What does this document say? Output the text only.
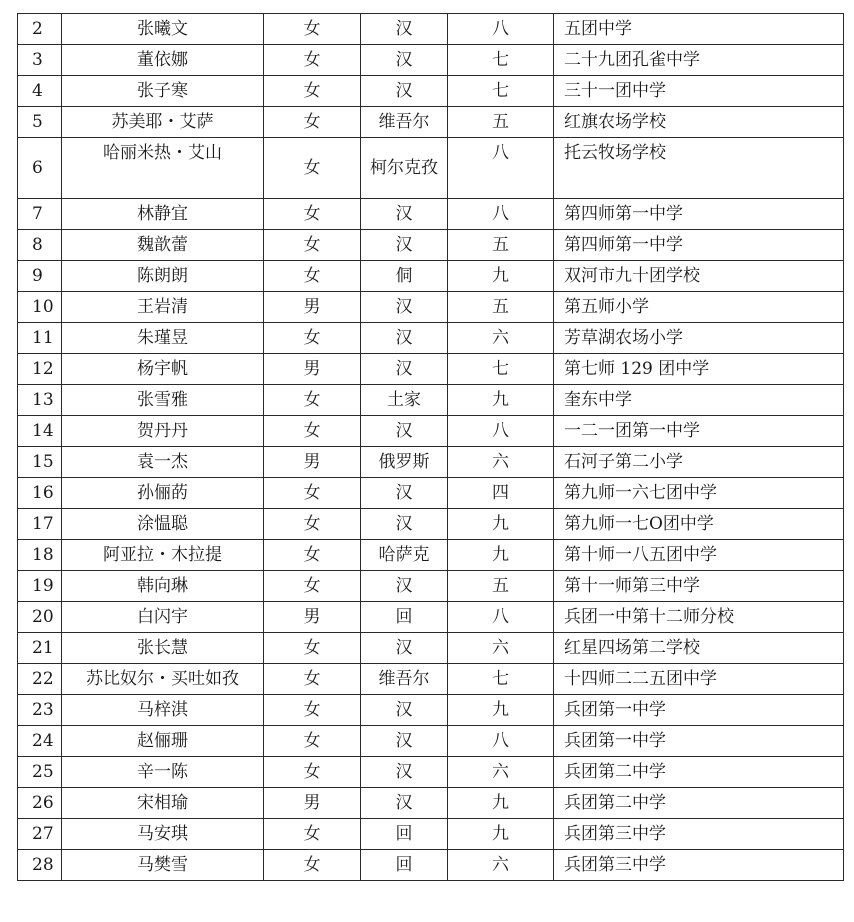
2	张曦文	女	汉	八	五团中学
3	董依娜	女	汉	七	二十九团孔雀中学
4	张子寒	女	汉	七	三十一团中学
5	苏美耶・艾萨	女	维吾尔	五	红旗农场学校
6	哈丽米热・艾山	女	柯尔克孜	八	托云牧场学校
7	林静宜	女	汉	八	第四师第一中学
8	魏歆蕾	女	汉	五	第四师第一中学
9	陈朗朗	女	侗	九	双河市九十团学校
10	王岩清	男	汉	五	第五师小学
11	朱瑾昱	女	汉	六	芳草湖农场小学
12	杨宇帆	男	汉	七	第七师 129 团中学
13	张雪雅	女	土家	九	奎东中学
14	贺丹丹	女	汉	八	一二一团第一中学
15	袁一杰	男	俄罗斯	六	石河子第二小学
16	孙俪菂	女	汉	四	第九师一六七团中学
17	涂愠聪	女	汉	九	第九师一七O团中学
18	阿亚拉・木拉提	女	哈萨克	九	第十师一八五团中学
19	韩向琳	女	汉	五	第十一师第三中学
20	白闪宇	男	回	八	兵团一中第十二师分校
21	张长慧	女	汉	六	红星四场第二学校
22	苏比奴尔・买吐如孜	女	维吾尔	七	十四师二二五团中学
23	马梓淇	女	汉	九	兵团第一中学
24	赵俪珊	女	汉	八	兵团第一中学
25	辛一陈	女	汉	六	兵团第二中学
26	宋相瑜	男	汉	九	兵团第二中学
27	马安琪	女	回	九	兵团第三中学
28	马樊雪	女	回	六	兵团第三中学
